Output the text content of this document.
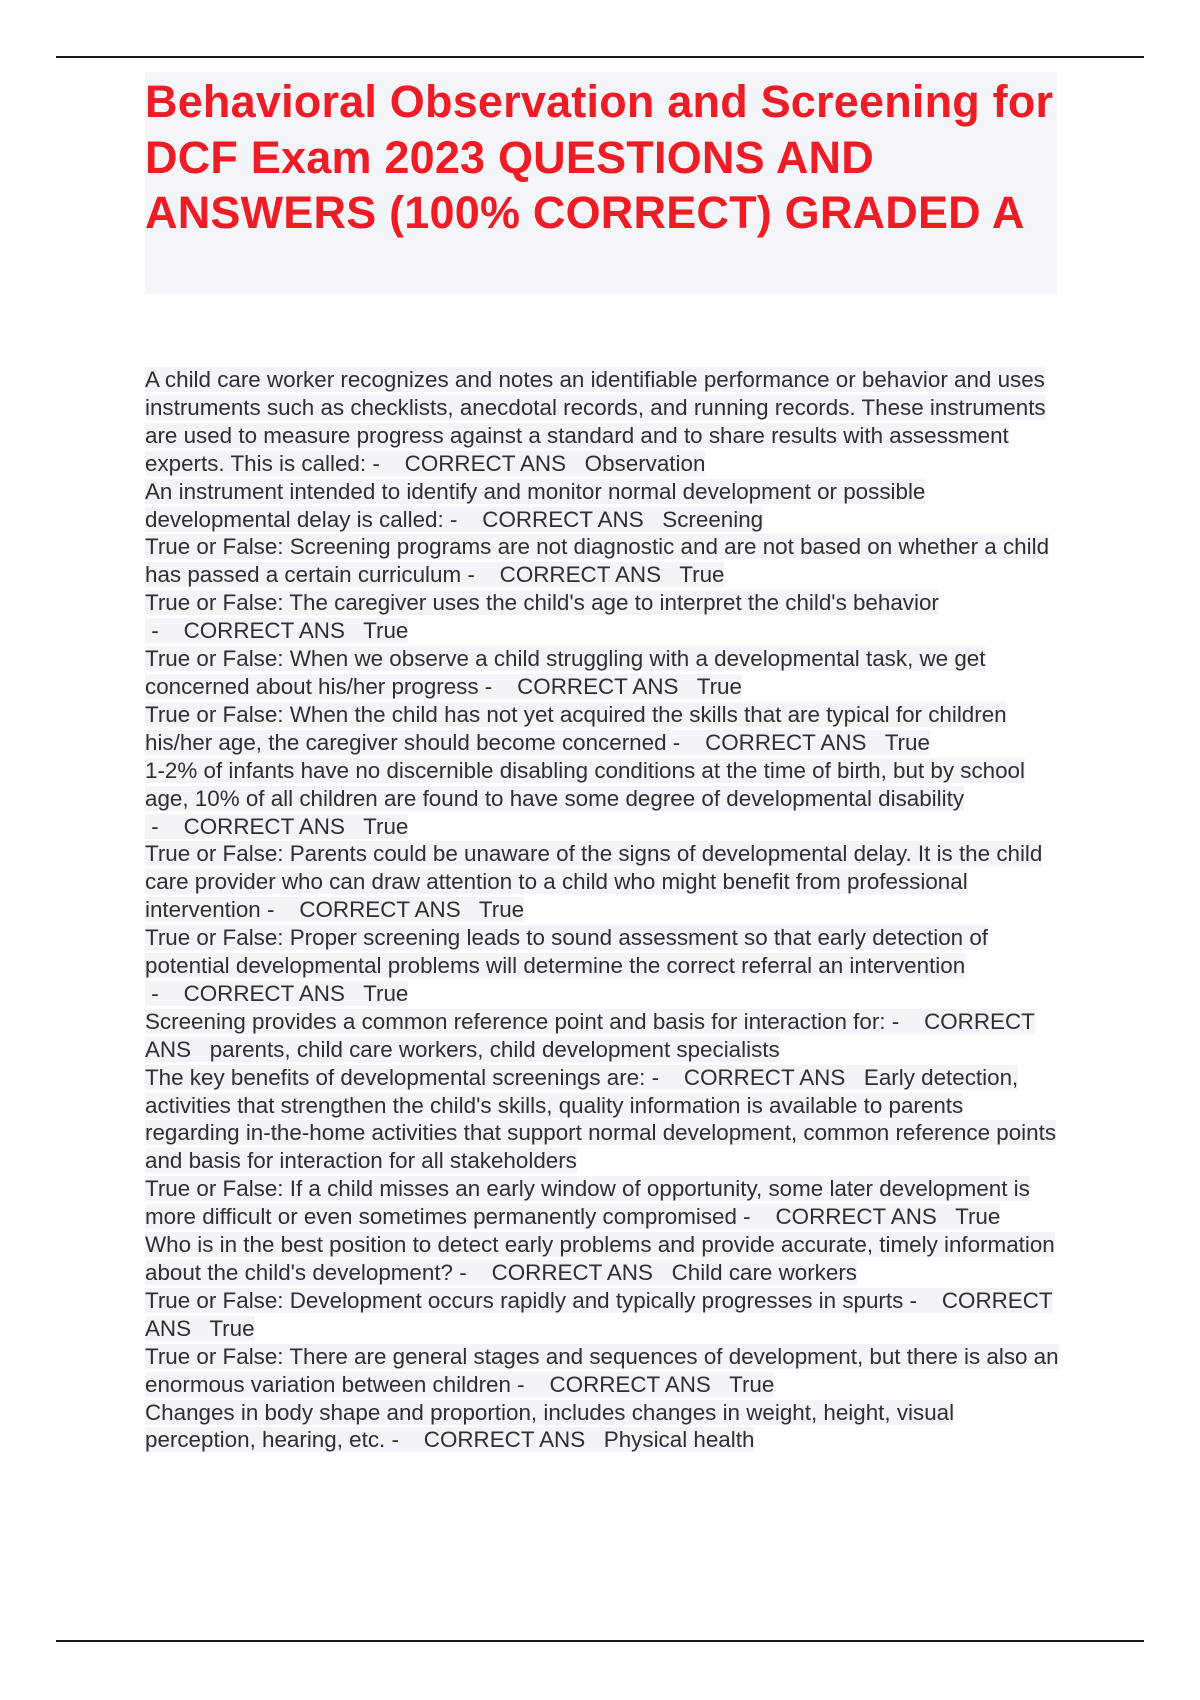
Behavioral Observation and Screening for DCF Exam 2023 QUESTIONS AND ANSWERS (100% CORRECT) GRADED A
A child care worker recognizes and notes an identifiable performance or behavior and uses instruments such as checklists, anecdotal records, and running records. These instruments are used to measure progress against a standard and to share results with assessment experts. This is called: -    CORRECT ANS Observation
An instrument intended to identify and monitor normal development or possible developmental delay is called: -    CORRECT ANS Screening
True or False: Screening programs are not diagnostic and are not based on whether a child has passed a certain curriculum -    CORRECT ANS True
True or False: The caregiver uses the child's age to interpret the child's behavior -    CORRECT ANS True
True or False: When we observe a child struggling with a developmental task, we get concerned about his/her progress -    CORRECT ANS True
True or False: When the child has not yet acquired the skills that are typical for children his/her age, the caregiver should become concerned -    CORRECT ANS True
1-2% of infants have no discernible disabling conditions at the time of birth, but by school age, 10% of all children are found to have some degree of developmental disability -    CORRECT ANS True
True or False: Parents could be unaware of the signs of developmental delay. It is the child care provider who can draw attention to a child who might benefit from professional intervention -    CORRECT ANS True
True or False: Proper screening leads to sound assessment so that early detection of potential developmental problems will determine the correct referral an intervention -    CORRECT ANS True
Screening provides a common reference point and basis for interaction for: -    CORRECT ANS parents, child care workers, child development specialists
The key benefits of developmental screenings are: -    CORRECT ANS Early detection, activities that strengthen the child's skills, quality information is available to parents regarding in-the-home activities that support normal development, common reference points and basis for interaction for all stakeholders
True or False: If a child misses an early window of opportunity, some later development is more difficult or even sometimes permanently compromised -    CORRECT ANS True
Who is in the best position to detect early problems and provide accurate, timely information about the child's development? -    CORRECT ANS Child care workers
True or False: Development occurs rapidly and typically progresses in spurts -    CORRECT ANS True
True or False: There are general stages and sequences of development, but there is also an enormous variation between children -    CORRECT ANS True
Changes in body shape and proportion, includes changes in weight, height, visual perception, hearing, etc. -    CORRECT ANS Physical health
